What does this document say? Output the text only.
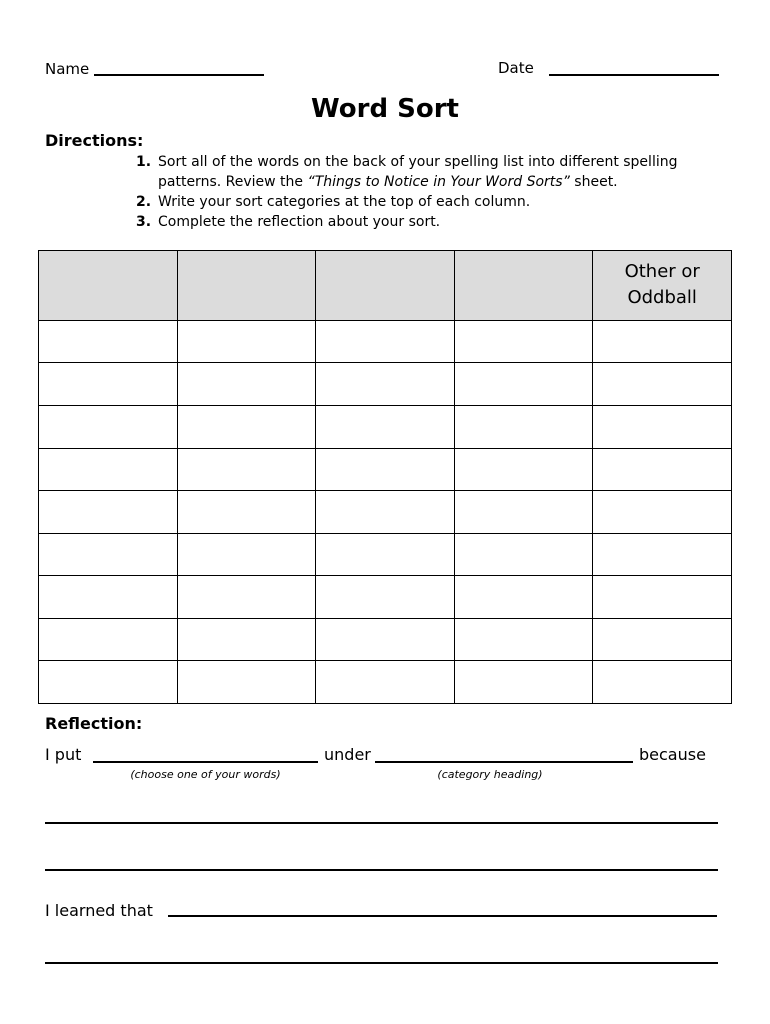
Name	Date
Word Sort
Directions:
1. Sort all of the words on the back of your spelling list into different spelling patterns. Review the “Things to Notice in Your Word Sorts” sheet.
2. Write your sort categories at the top of each column.
3. Complete the reflection about your sort.

				Other or
Oddball

Reflection:
I put	under	because
(choose one of your words)	(category heading)
I learned that
